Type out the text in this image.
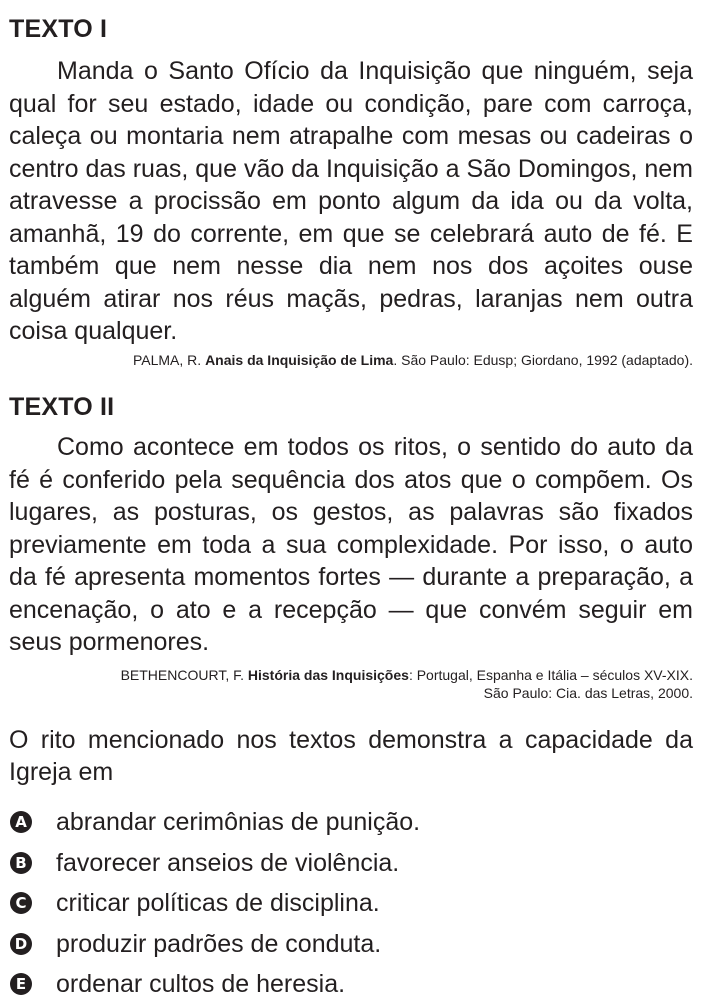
TEXTO I

Manda o Santo Ofício da Inquisição que ninguém, seja qual for seu estado, idade ou condição, pare com carroça, caleça ou montaria nem atrapalhe com mesas ou cadeiras o centro das ruas, que vão da Inquisição a São Domingos, nem atravesse a procissão em ponto algum da ida ou da volta, amanhã, 19 do corrente, em que se celebrará auto de fé. E também que nem nesse dia nem nos dos açoites ouse alguém atirar nos réus maçãs, pedras, laranjas nem outra coisa qualquer.

PALMA, R. Anais da Inquisição de Lima. São Paulo: Edusp; Giordano, 1992 (adaptado).

TEXTO II

Como acontece em todos os ritos, o sentido do auto da fé é conferido pela sequência dos atos que o compõem. Os lugares, as posturas, os gestos, as palavras são fixados previamente em toda a sua complexidade. Por isso, o auto da fé apresenta momentos fortes — durante a preparação, a encenação, o ato e a recepção — que convém seguir em seus pormenores.

BETHENCOURT, F. História das Inquisições: Portugal, Espanha e Itália – séculos XV-XIX.
São Paulo: Cia. das Letras, 2000.

O rito mencionado nos textos demonstra a capacidade da Igreja em

A abrandar cerimônias de punição.
B favorecer anseios de violência.
C criticar políticas de disciplina.
D produzir padrões de conduta.
E ordenar cultos de heresia.
